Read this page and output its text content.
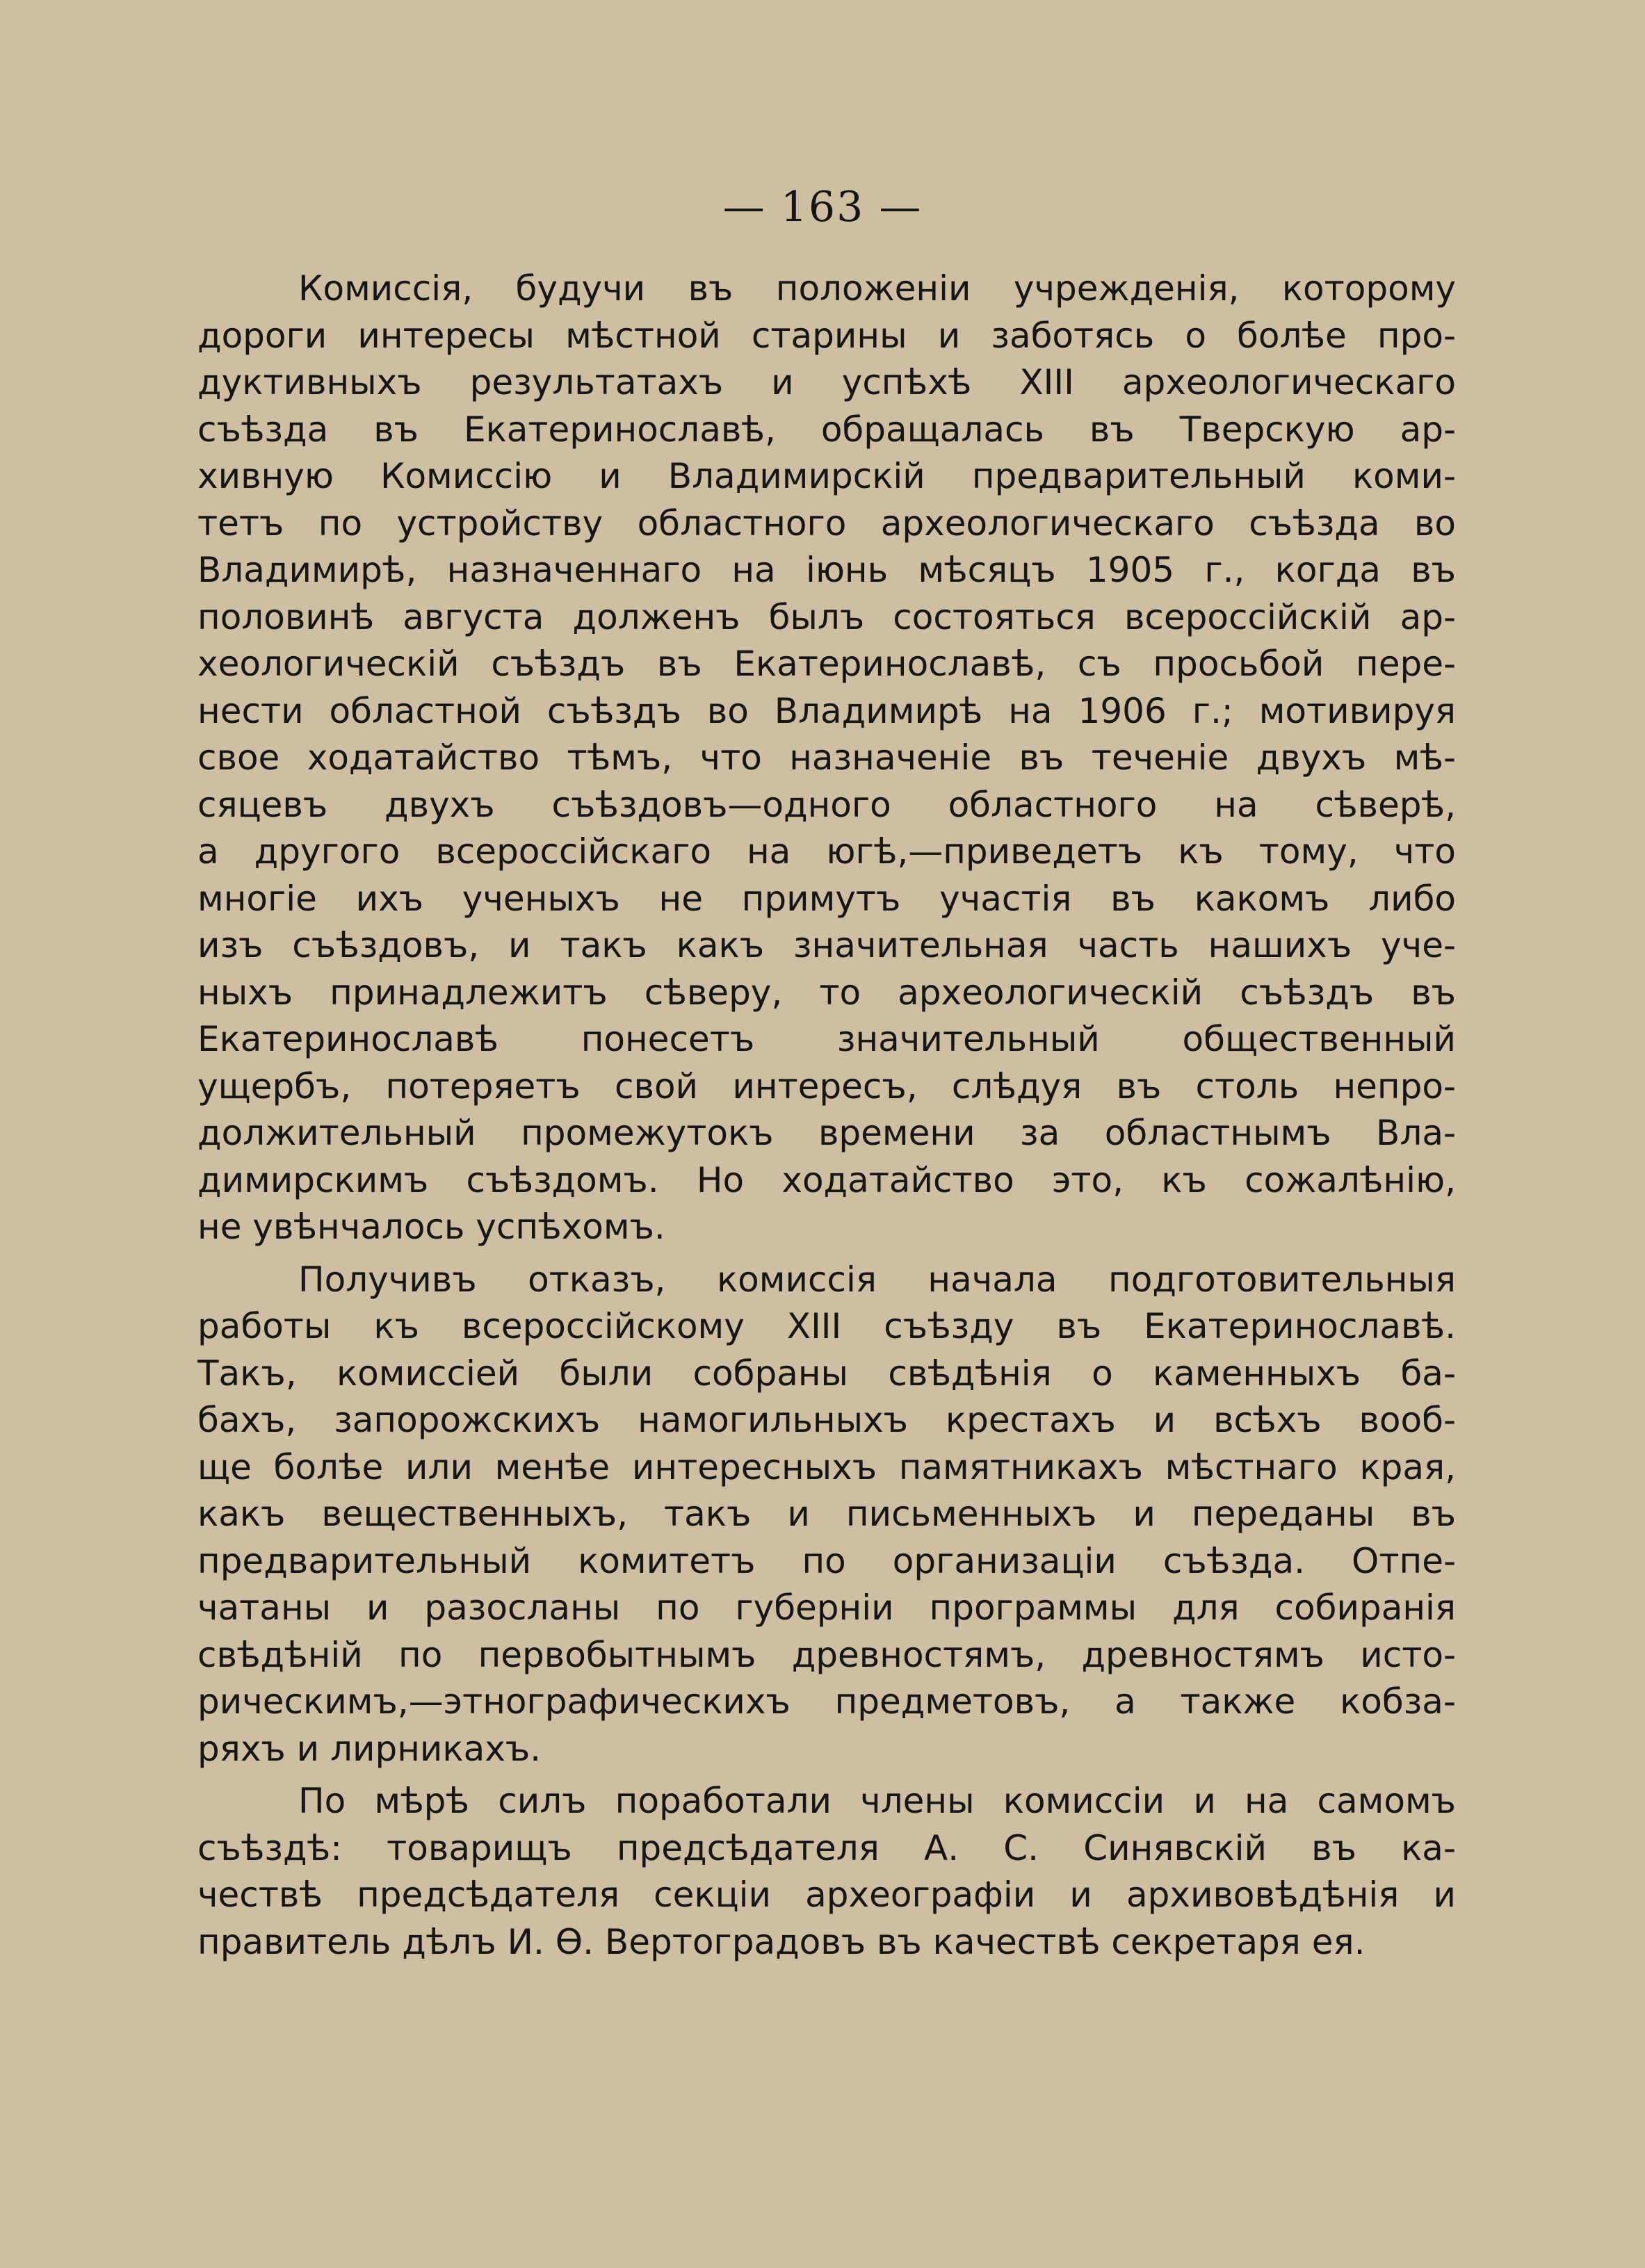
— 163 —
Комиссія, будучи въ положеніи учрежденія, которому
дороги интересы мѣстной старины и заботясь о болѣе про-
дуктивныхъ результатахъ и успѣхѣ XIII археологическаго
съѣзда въ Екатеринославѣ, обращалась въ Тверскую ар-
хивную Комиссію и Владимирскій предварительный коми-
тетъ по устройству областного археологическаго съѣзда во
Владимирѣ, назначеннаго на іюнь мѣсяцъ 1905 г., когда въ
половинѣ августа долженъ былъ состояться всероссійскій ар-
хеологическій съѣздъ въ Екатеринославѣ, съ просьбой пере-
нести областной съѣздъ во Владимирѣ на 1906 г.; мотивируя
свое ходатайство тѣмъ, что назначеніе въ теченіе двухъ мѣ-
сяцевъ двухъ съѣздовъ—одного областного на сѣверѣ,
а другого всероссійскаго на югѣ,—приведетъ къ тому, что
многіе ихъ ученыхъ не примутъ участія въ какомъ либо
изъ съѣздовъ, и такъ какъ значительная часть нашихъ уче-
ныхъ принадлежитъ сѣверу, то археологическій съѣздъ въ
Екатеринославѣ понесетъ значительный общественный
ущербъ, потеряетъ свой интересъ, слѣдуя въ столь непро-
должительный промежутокъ времени за областнымъ Вла-
димирскимъ съѣздомъ. Но ходатайство это, къ сожалѣнію,
не увѣнчалось успѣхомъ.
Получивъ отказъ, комиссія начала подготовительныя
работы къ всероссійскому XIII съѣзду въ Екатеринославѣ.
Такъ, комиссіей были собраны свѣдѣнія о каменныхъ ба-
бахъ, запорожскихъ намогильныхъ крестахъ и всѣхъ вооб-
ще болѣе или менѣе интересныхъ памятникахъ мѣстнаго края,
какъ вещественныхъ, такъ и письменныхъ и переданы въ
предварительный комитетъ по организаціи съѣзда. Отпе-
чатаны и разосланы по губерніи программы для собиранія
свѣдѣній по первобытнымъ древностямъ, древностямъ исто-
рическимъ,—этнографическихъ предметовъ, а также кобза-
ряхъ и лирникахъ.
По мѣрѣ силъ поработали члены комиссіи и на самомъ
съѣздѣ: товарищъ предсѣдателя А. С. Синявскій въ ка-
чествѣ предсѣдателя секціи археографіи и архивовѣдѣнія и
правитель дѣлъ И. Ѳ. Вертоградовъ въ качествѣ секретаря ея.
